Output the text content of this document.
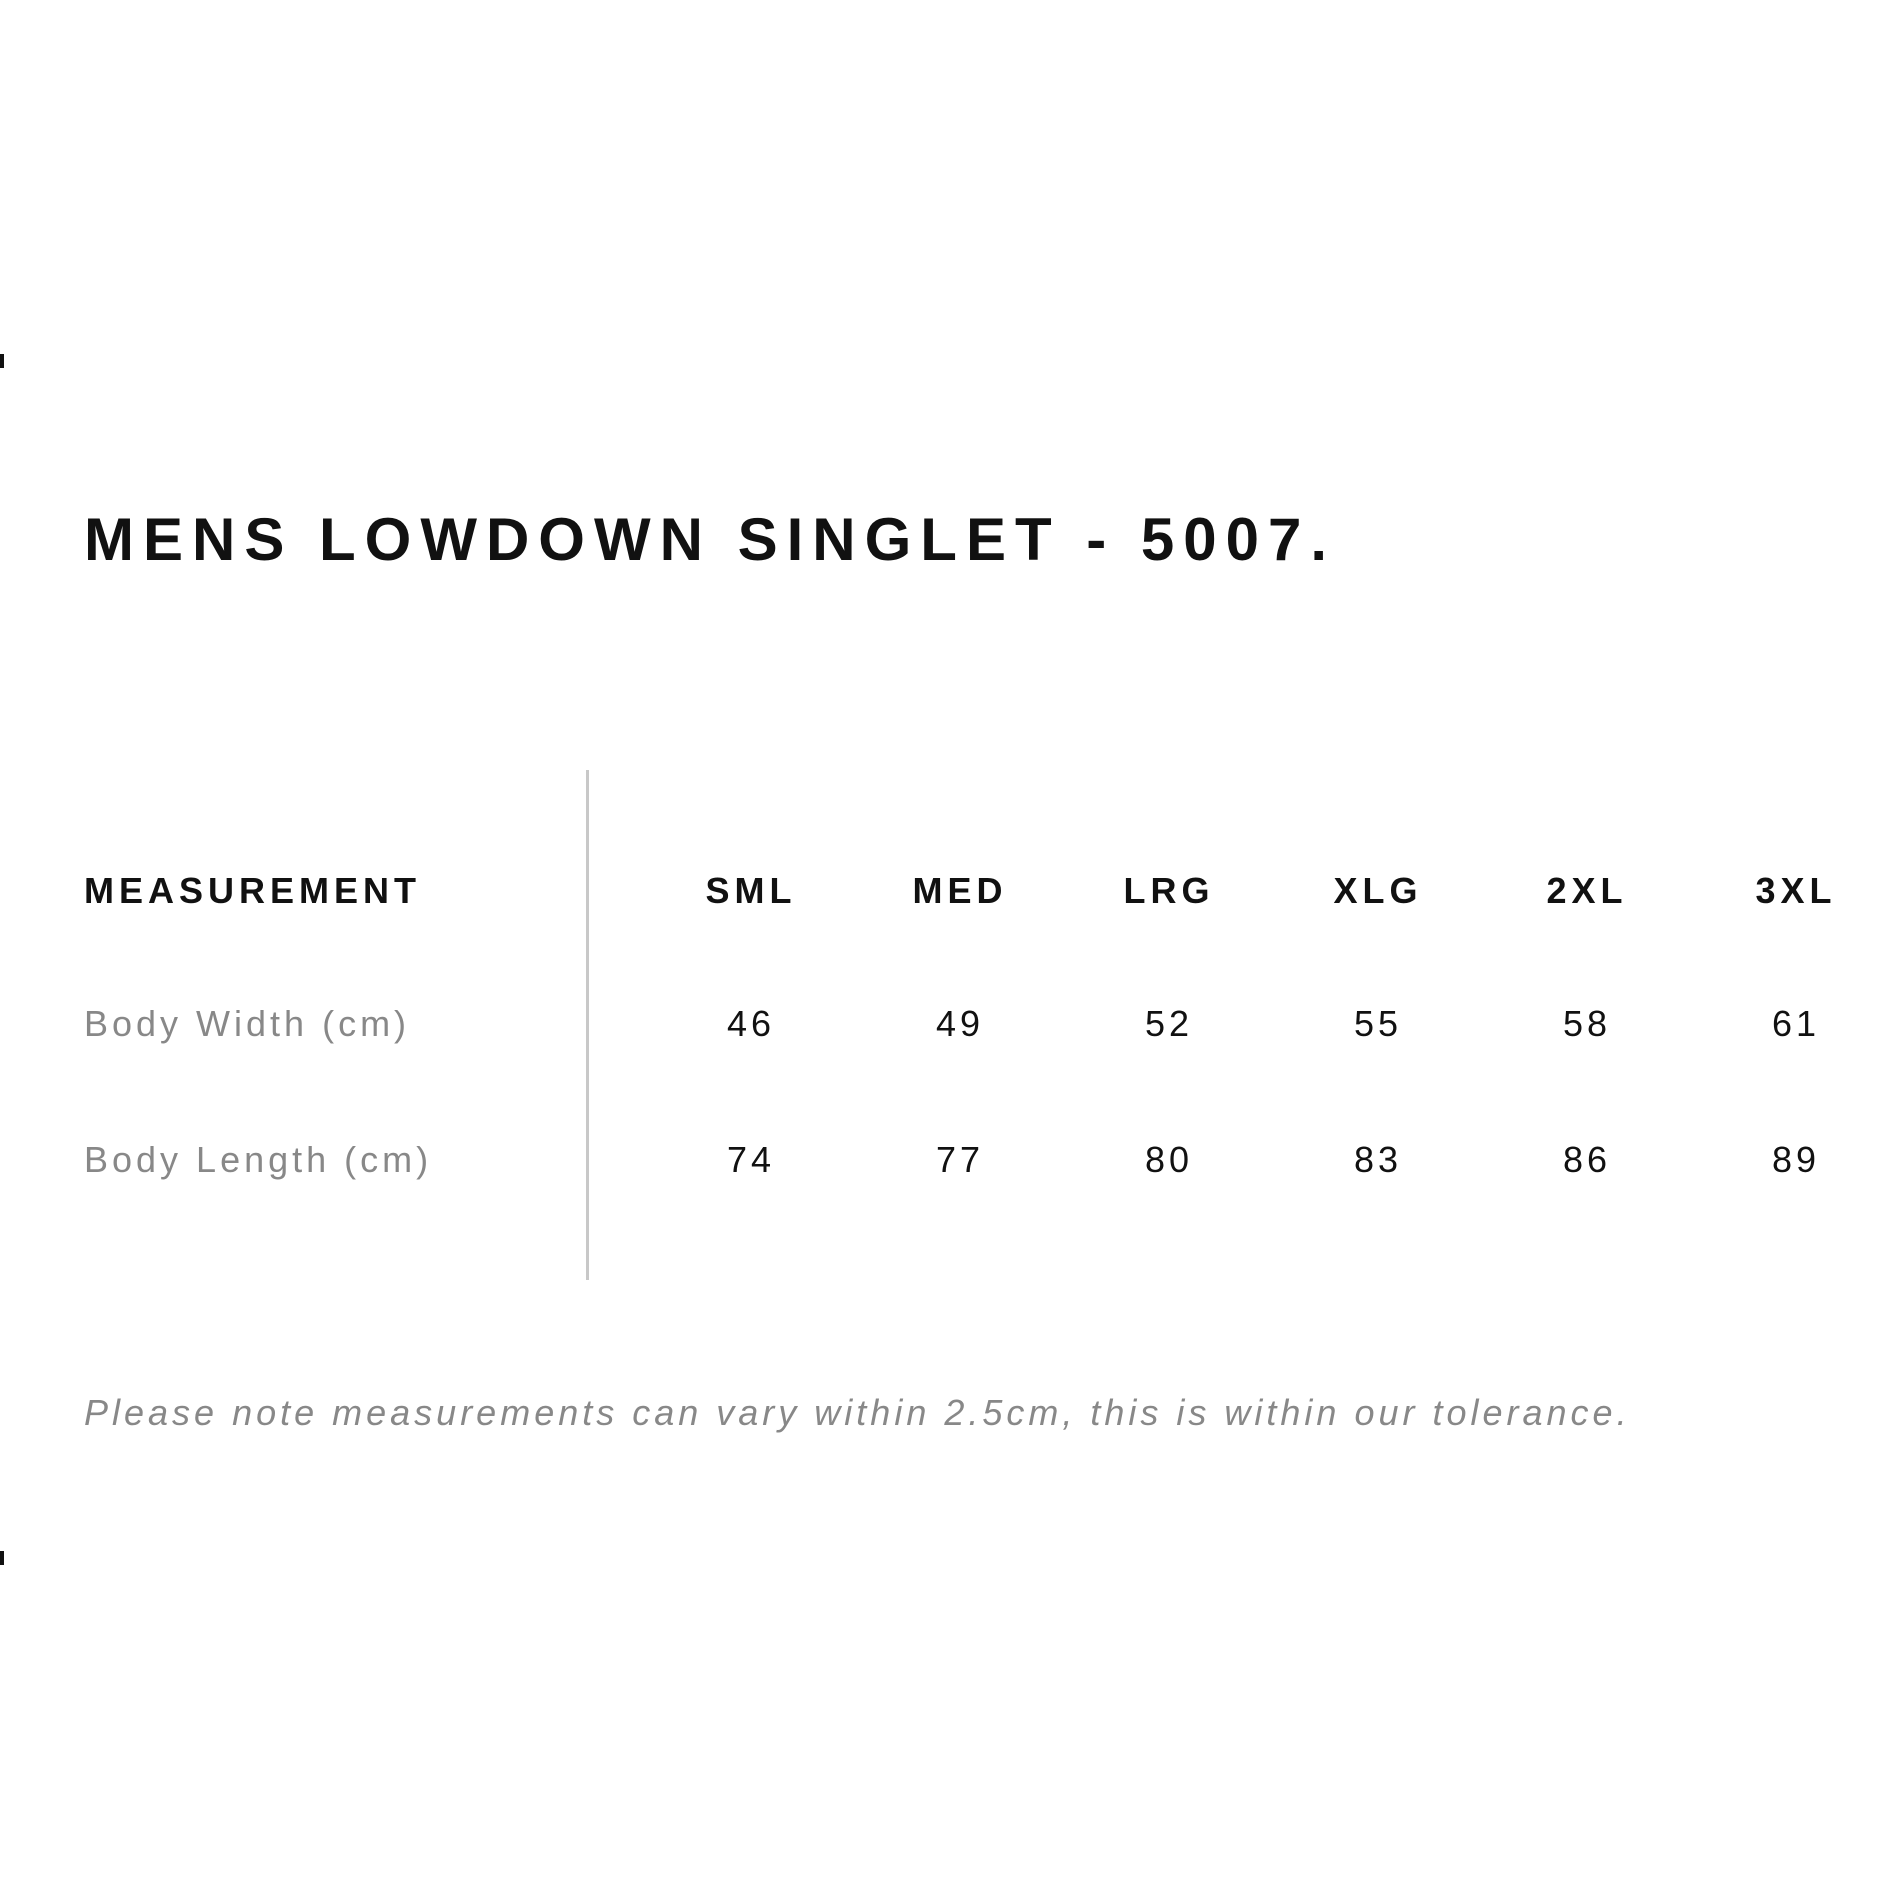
MENS LOWDOWN SINGLET - 5007.
MEASUREMENT	SML	MED	LRG	XLG	2XL	3XL
Body Width (cm)	46	49	52	55	58	61
Body Length (cm)	74	77	80	83	86	89
Please note measurements can vary within 2.5cm, this is within our tolerance.
